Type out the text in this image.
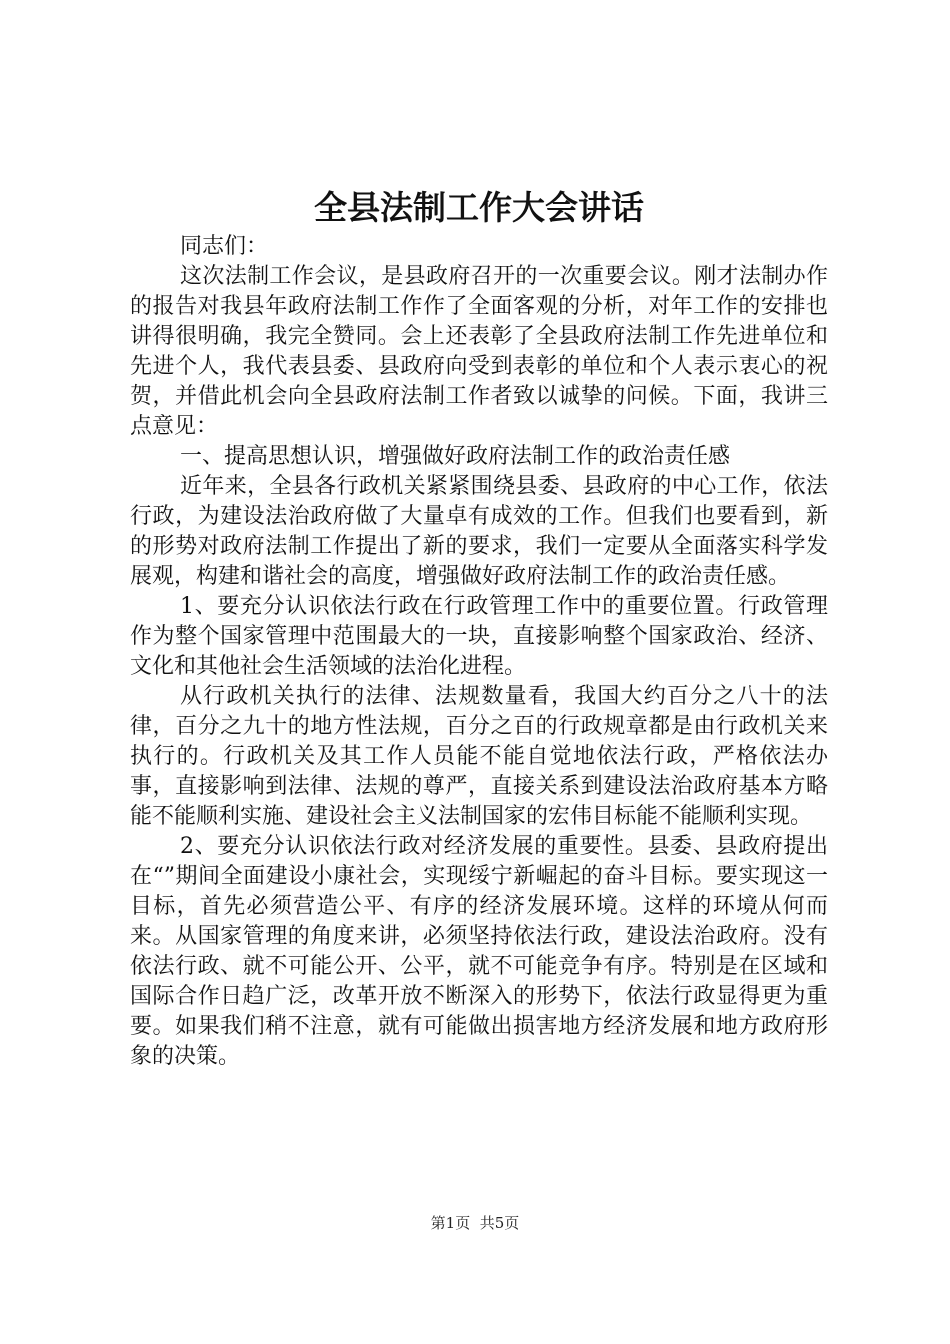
全县法制工作大会讲话

同志们：

这次法制工作会议，是县政府召开的一次重要会议。刚才法制办作的报告对我县年政府法制工作作了全面客观的分析，对年工作的安排也讲得很明确，我完全赞同。会上还表彰了全县政府法制工作先进单位和先进个人，我代表县委、县政府向受到表彰的单位和个人表示衷心的祝贺，并借此机会向全县政府法制工作者致以诚挚的问候。下面，我讲三点意见：

一、提高思想认识，增强做好政府法制工作的政治责任感

近年来，全县各行政机关紧紧围绕县委、县政府的中心工作，依法行政，为建设法治政府做了大量卓有成效的工作。但我们也要看到，新的形势对政府法制工作提出了新的要求，我们一定要从全面落实科学发展观，构建和谐社会的高度，增强做好政府法制工作的政治责任感。

1、要充分认识依法行政在行政管理工作中的重要位置。行政管理作为整个国家管理中范围最大的一块，直接影响整个国家政治、经济、文化和其他社会生活领域的法治化进程。

从行政机关执行的法律、法规数量看，我国大约百分之八十的法律，百分之九十的地方性法规，百分之百的行政规章都是由行政机关来执行的。行政机关及其工作人员能不能自觉地依法行政，严格依法办事，直接影响到法律、法规的尊严，直接关系到建设法治政府基本方略能不能顺利实施、建设社会主义法制国家的宏伟目标能不能顺利实现。

2、要充分认识依法行政对经济发展的重要性。县委、县政府提出在“”期间全面建设小康社会，实现绥宁新崛起的奋斗目标。要实现这一目标，首先必须营造公平、有序的经济发展环境。这样的环境从何而来。从国家管理的角度来讲，必须坚持依法行政，建设法治政府。没有依法行政、就不可能公开、公平，就不可能竞争有序。特别是在区域和国际合作日趋广泛，改革开放不断深入的形势下，依法行政显得更为重要。如果我们稍不注意，就有可能做出损害地方经济发展和地方政府形象的决策。

第1页 共5页
